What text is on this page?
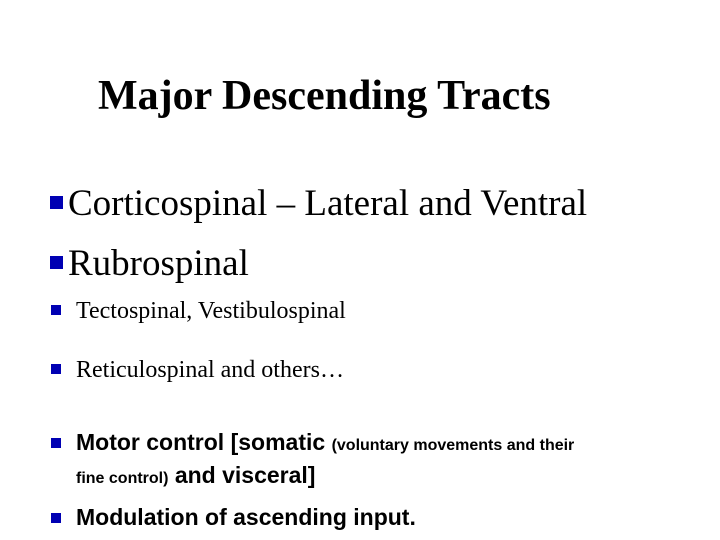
Major Descending Tracts
Corticospinal – Lateral and Ventral
Rubrospinal
Tectospinal, Vestibulospinal
Reticulospinal and others…
Motor control [somatic (voluntary movements and their
fine control) and visceral]
Modulation of ascending input.
